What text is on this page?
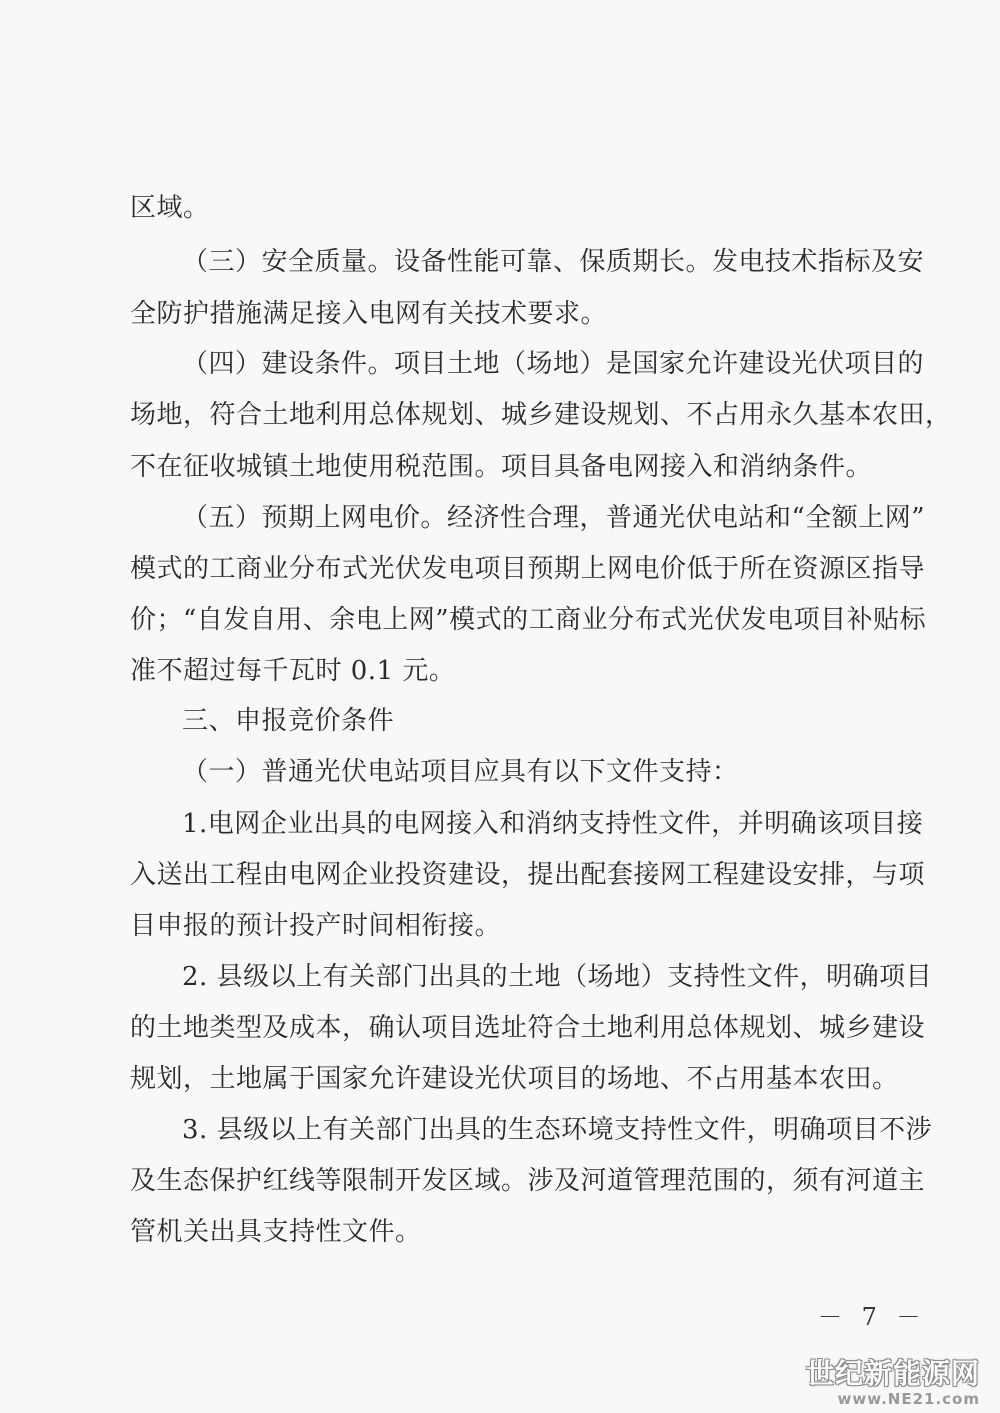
区域。
（三）安全质量。设备性能可靠、保质期长。发电技术指标及安
全防护措施满足接入电网有关技术要求。
（四）建设条件。项目土地（场地）是国家允许建设光伏项目的
场地，符合土地利用总体规划、城乡建设规划、不占用永久基本农田，
不在征收城镇土地使用税范围。项目具备电网接入和消纳条件。
（五）预期上网电价。经济性合理，普通光伏电站和“全额上网”
模式的工商业分布式光伏发电项目预期上网电价低于所在资源区指导
价；“自发自用、余电上网”模式的工商业分布式光伏发电项目补贴标
准不超过每千瓦时 0.1 元。
三、申报竞价条件
（一）普通光伏电站项目应具有以下文件支持：
1.电网企业出具的电网接入和消纳支持性文件，并明确该项目接
入送出工程由电网企业投资建设，提出配套接网工程建设安排，与项
目申报的预计投产时间相衔接。
2. 县级以上有关部门出具的土地（场地）支持性文件，明确项目
的土地类型及成本，确认项目选址符合土地利用总体规划、城乡建设
规划，土地属于国家允许建设光伏项目的场地、不占用基本农田。
3. 县级以上有关部门出具的生态环境支持性文件，明确项目不涉
及生态保护红线等限制开发区域。涉及河道管理范围的，须有河道主
管机关出具支持性文件。
－ 7 －
世纪新能源网
www.NE21.com
